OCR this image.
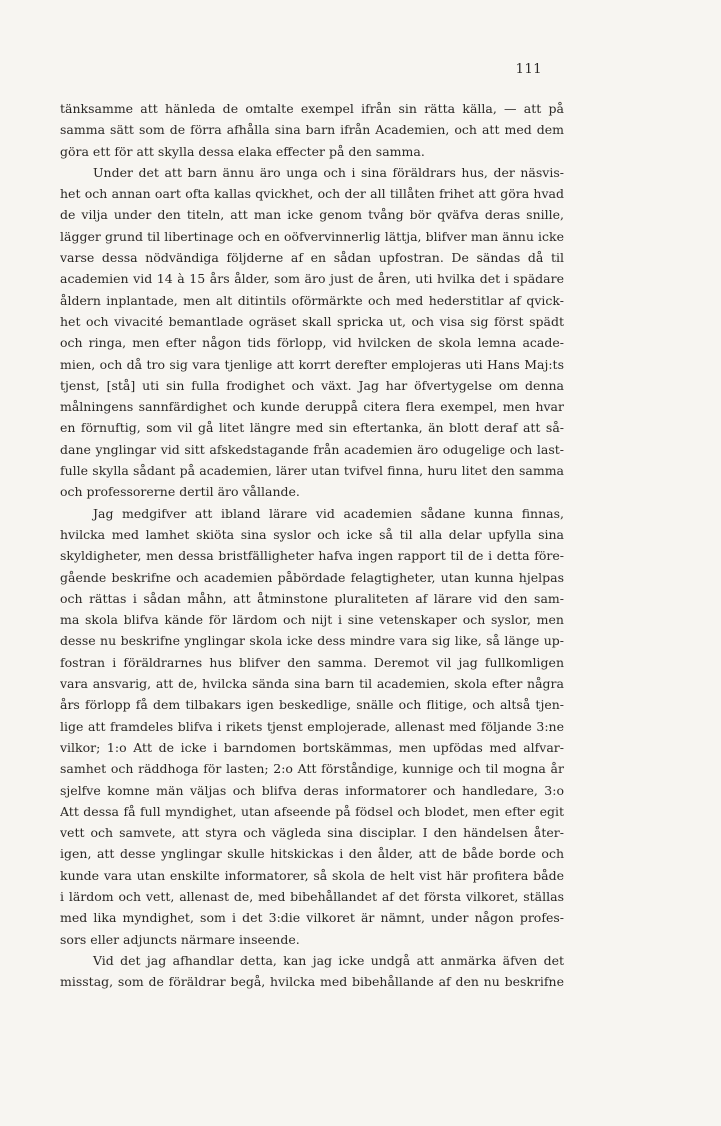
111
tänksamme att hänleda de omtalte exempel ifrån sin rätta källa, — att på
samma sätt som de förra afhålla sina barn ifrån Academien, och att med dem
göra ett för att skylla dessa elaka effecter på den samma.
Under det att barn ännu äro unga och i sina föräldrars hus, der näsvis-
het och annan oart ofta kallas qvickhet, och der all tillåten frihet att göra hvad
de vilja under den titeln, att man icke genom tvång bör qväfva deras snille,
lägger grund til libertinage och en oöfvervinnerlig lättja, blifver man ännu icke
varse dessa nödvändiga följderne af en sådan upfostran. De sändas då til
academien vid 14 à 15 års ålder, som äro just de åren, uti hvilka det i spädare
åldern inplantade, men alt ditintils oförmärkte och med hederstitlar af qvick-
het och vivacité bemantlade ogräset skall spricka ut, och visa sig först spädt
och ringa, men efter någon tids förlopp, vid hvilcken de skola lemna acade-
mien, och då tro sig vara tjenlige att korrt derefter emplojeras uti Hans Maj:ts
tjenst, [stå] uti sin fulla frodighet och växt. Jag har öfvertygelse om denna
målningens sannfärdighet och kunde deruppå citera flera exempel, men hvar
en förnuftig, som vil gå litet längre med sin eftertanka, än blott deraf att så-
dane ynglingar vid sitt afskedstagande från academien äro odugelige och last-
fulle skylla sådant på academien, lärer utan tvifvel finna, huru litet den samma
och professorerne dertil äro vållande.
Jag medgifver att ibland lärare vid academien sådane kunna finnas,
hvilcka med lamhet skiöta sina syslor och icke så til alla delar upfylla sina
skyldigheter, men dessa bristfälligheter hafva ingen rapport til de i detta före-
gående beskrifne och academien påbördade felagtigheter, utan kunna hjelpas
och rättas i sådan måhn, att åtminstone pluraliteten af lärare vid den sam-
ma skola blifva kände för lärdom och nijt i sine vetenskaper och syslor, men
desse nu beskrifne ynglingar skola icke dess mindre vara sig like, så länge up-
fostran i föräldrarnes hus blifver den samma. Deremot vil jag fullkomligen
vara ansvarig, att de, hvilcka sända sina barn til academien, skola efter några
års förlopp få dem tilbakars igen beskedlige, snälle och flitige, och altså tjen-
lige att framdeles blifva i rikets tjenst emplojerade, allenast med följande 3:ne
vilkor; 1:o Att de icke i barndomen bortskämmas, men upfödas med alfvar-
samhet och räddhoga för lasten; 2:o Att förståndige, kunnige och til mogna år
sjelfve komne män väljas och blifva deras informatorer och handledare, 3:o
Att dessa få full myndighet, utan afseende på födsel och blodet, men efter egit
vett och samvete, att styra och vägleda sina disciplar. I den händelsen åter-
igen, att desse ynglingar skulle hitskickas i den ålder, att de både borde och
kunde vara utan enskilte informatorer, så skola de helt vist här profitera både
i lärdom och vett, allenast de, med bibehållandet af det första vilkoret, ställas
med lika myndighet, som i det 3:die vilkoret är nämnt, under någon profes-
sors eller adjuncts närmare inseende.
Vid det jag afhandlar detta, kan jag icke undgå att anmärka äfven det
misstag, som de föräldrar begå, hvilcka med bibehållande af den nu beskrifne
